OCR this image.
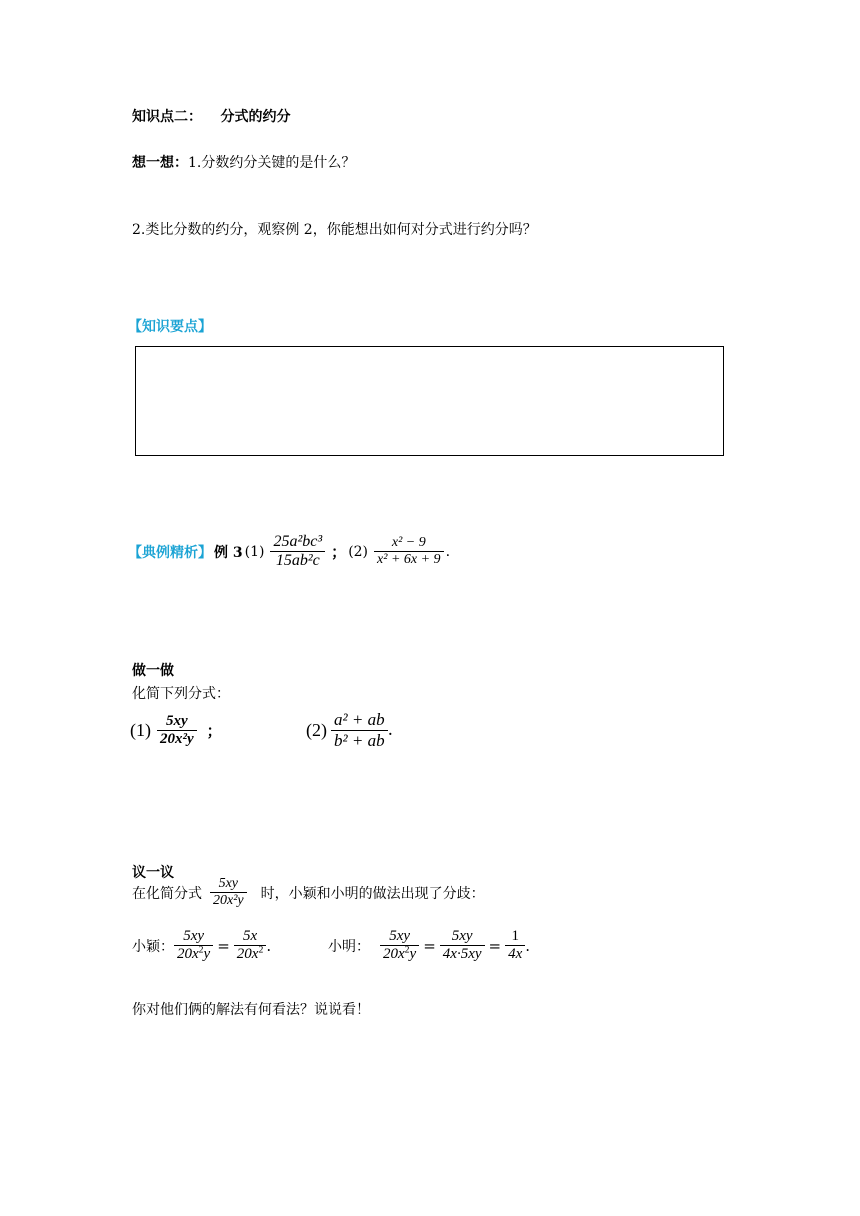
知识点二： 分式的约分
想一想：1.分数约分关键的是什么？
2.类比分数的约分，观察例 2，你能想出如何对分式进行约分吗？
【知识要点】
【典例精析】 例 3 $(1) \frac{\text{25a²bc³}}{\text{15ab²c}}$ ； $(2) \frac{\text{x² − 9}}{\text{x² + 6x + 9}}$ .
做一做
化简下列分式：
$(1) \frac{5xy}{\text{20x²y}}$ ；	$(2) \frac{\text{a² + ab}}{\text{b² + ab}}$ .
议一议
在化简分式 $\frac{5xy}{\text{20x²y}}$ 时，小颖和小明的做法出现了分歧：
小颖： $\frac{5xy}{20x^2y} = \frac{5x}{20x^2}$ .	小明： $\frac{5xy}{20x^2y} = \frac{5xy}{4x\cdot 5xy} = \frac{1}{4x}$ .
你对他们俩的解法有何看法？说说看！
